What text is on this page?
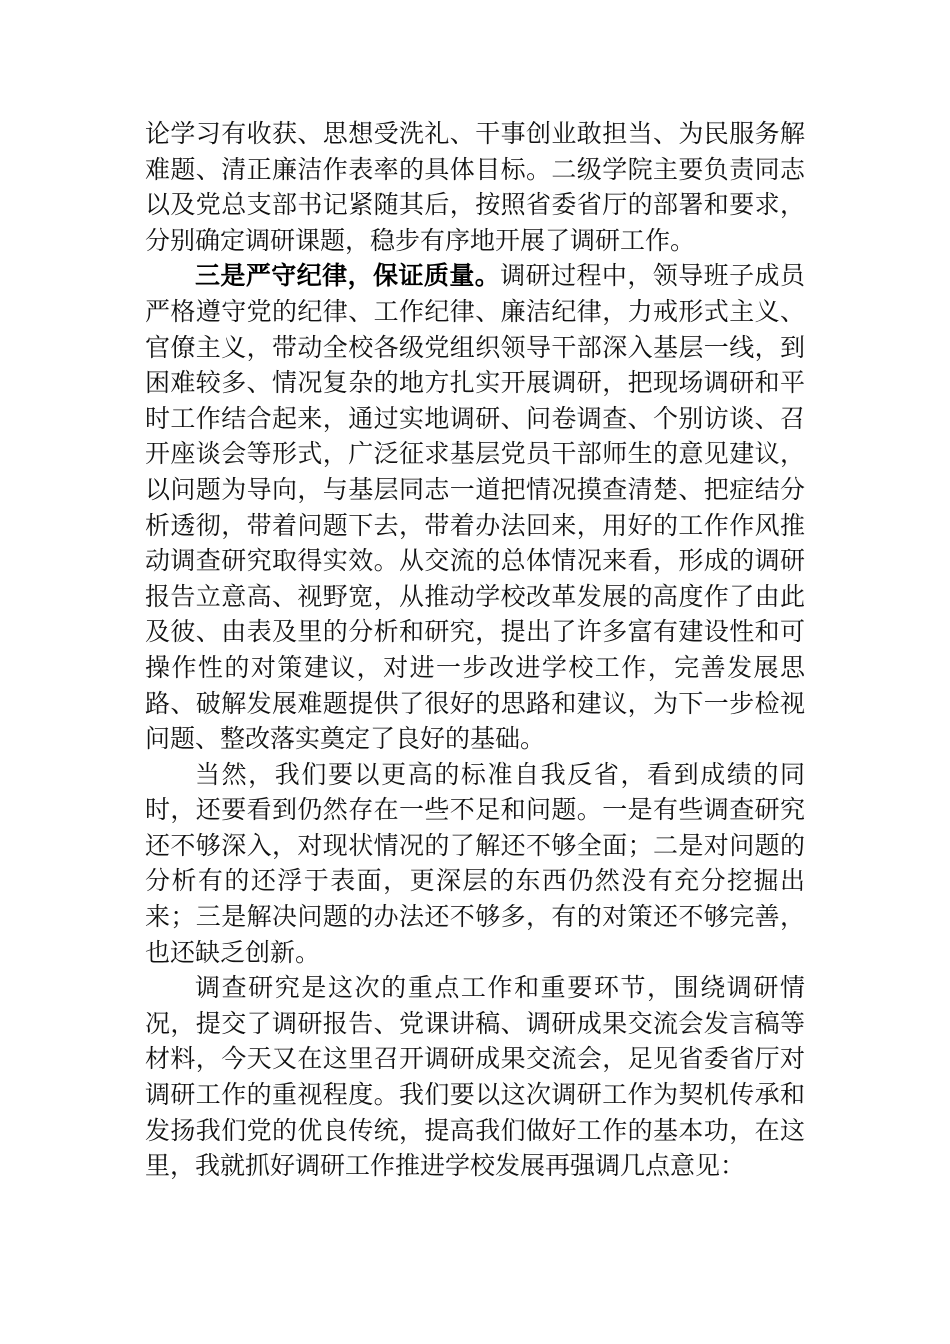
论学习有收获、思想受洗礼、干事创业敢担当、为民服务解难题、清正廉洁作表率的具体目标。二级学院主要负责同志以及党总支部书记紧随其后，按照省委省厅的部署和要求，分别确定调研课题，稳步有序地开展了调研工作。

三是严守纪律，保证质量。调研过程中，领导班子成员严格遵守党的纪律、工作纪律、廉洁纪律，力戒形式主义、官僚主义，带动全校各级党组织领导干部深入基层一线，到困难较多、情况复杂的地方扎实开展调研，把现场调研和平时工作结合起来，通过实地调研、问卷调查、个别访谈、召开座谈会等形式，广泛征求基层党员干部师生的意见建议，以问题为导向，与基层同志一道把情况摸查清楚、把症结分析透彻，带着问题下去，带着办法回来，用好的工作作风推动调查研究取得实效。从交流的总体情况来看，形成的调研报告立意高、视野宽，从推动学校改革发展的高度作了由此及彼、由表及里的分析和研究，提出了许多富有建设性和可操作性的对策建议，对进一步改进学校工作，完善发展思路、破解发展难题提供了很好的思路和建议，为下一步检视问题、整改落实奠定了良好的基础。

当然，我们要以更高的标准自我反省，看到成绩的同时，还要看到仍然存在一些不足和问题。一是有些调查研究还不够深入，对现状情况的了解还不够全面；二是对问题的分析有的还浮于表面，更深层的东西仍然没有充分挖掘出来；三是解决问题的办法还不够多，有的对策还不够完善，也还缺乏创新。

调查研究是这次的重点工作和重要环节，围绕调研情况，提交了调研报告、党课讲稿、调研成果交流会发言稿等材料，今天又在这里召开调研成果交流会，足见省委省厅对调研工作的重视程度。我们要以这次调研工作为契机传承和发扬我们党的优良传统，提高我们做好工作的基本功，在这里，我就抓好调研工作推进学校发展再强调几点意见：
